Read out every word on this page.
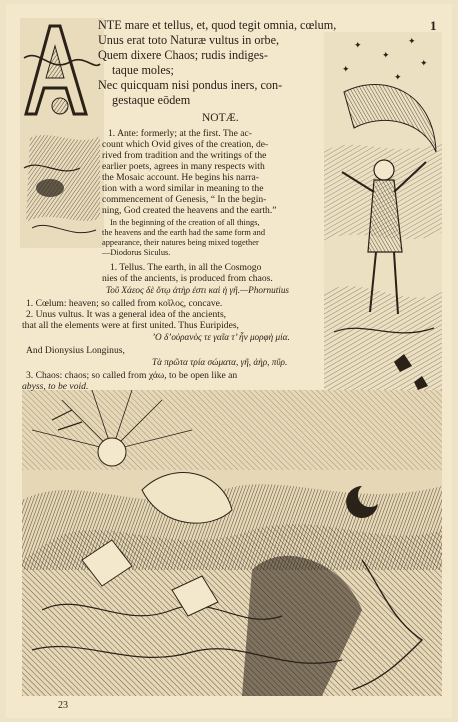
✦
✦
✦
✦
✦
✦
1
NTE mare et tellus, et, quod tegit omnia, cœlum,
Unus erat toto Naturæ vultus in orbe,
Quem dixere Chaos; rudis indiges-
taque moles;
Nec quicquam nisi pondus iners, con-
gestaque eōdem
NOTÆ.
1. Ante: formerly; at the first. The ac-
count which Ovid gives of the creation, de-
rived from tradition and the writings of the
earlier poets, agrees in many respects with
the Mosaic account. He begins his narra-
tion with a word similar in meaning to the
commencement of Genesis, “ In the begin-
ning, God created the heavens and the earth.”
In the beginning of the creation of all things,
the heavens and the earth had the same form and
appearance, their natures being mixed together
—Diodorus Siculus.
1. Tellus. The earth, in all the Cosmogo
nies of the ancients, is produced from chaos.
Τοῦ Χάεος δὲ ὅτῳ ἀτὴρ ἐστι καὶ ἡ γῆ.—Phornutius
1. Cœlum: heaven; so called from κοῖλος, concave.
2. Unus vultus. It was a general idea of the ancients,
that all the elements were at first united. Thus Euripides,
’Ο δ’οὐρανὸς τε γαῖα τ’ ἦν μορφὴ μία.
And Dionysius Longinus,
Τὰ πρῶτα τρία σώματα, γῆ, ἀὴρ, πῦρ.
3. Chaos: chaos; so called from χάω, to be open like an
abyss, to be void.
23
